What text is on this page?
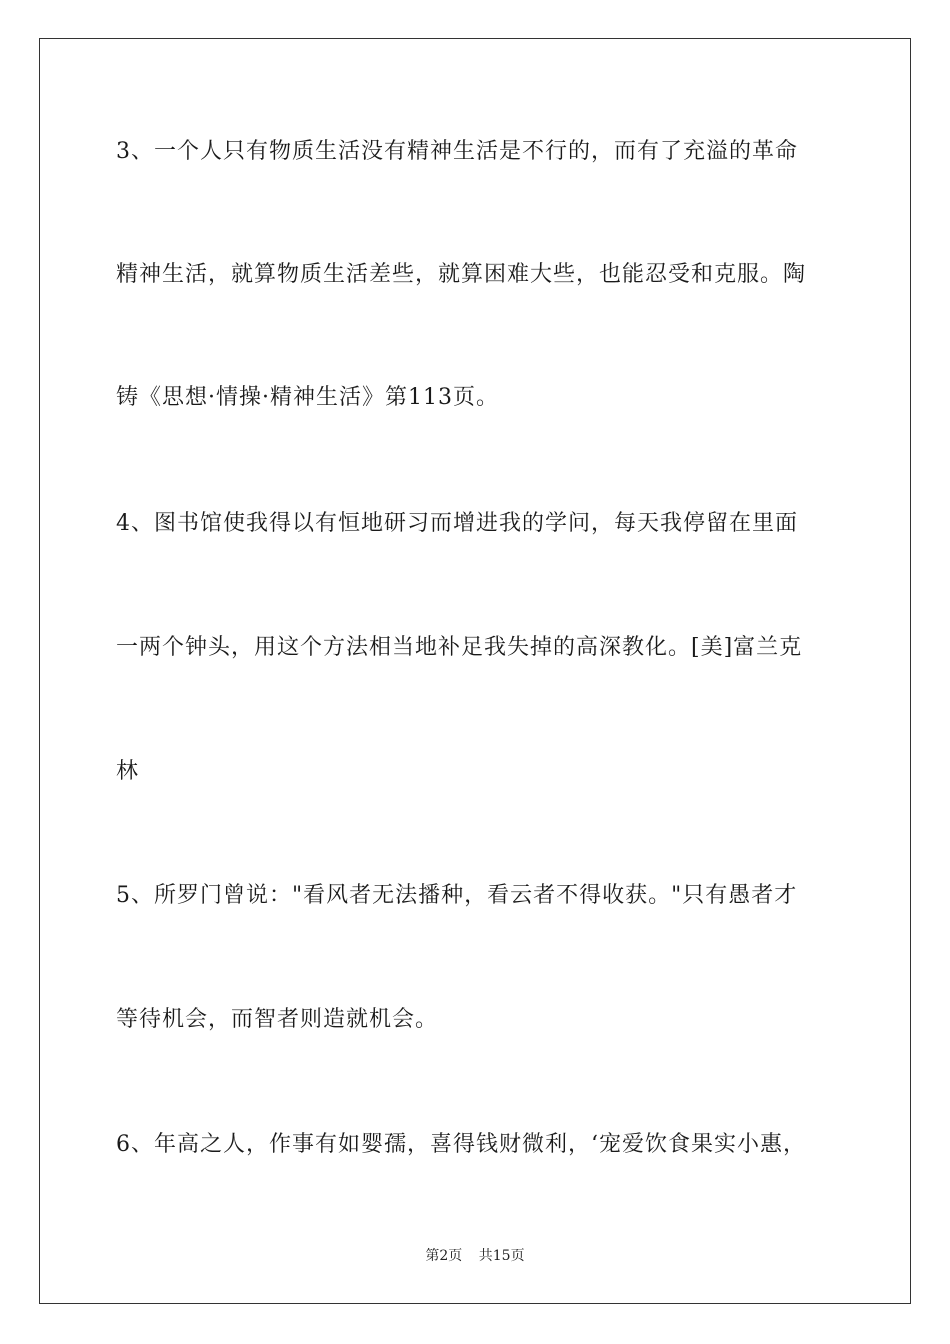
3、一个人只有物质生活没有精神生活是不行的，而有了充溢的革命
精神生活，就算物质生活差些，就算困难大些，也能忍受和克服。陶
铸《思想·情操·精神生活》第113页。
4、图书馆使我得以有恒地研习而增进我的学问，每天我停留在里面
一两个钟头，用这个方法相当地补足我失掉的高深教化。[美]富兰克
林
5、所罗门曾说："看风者无法播种，看云者不得收获。"只有愚者才
等待机会，而智者则造就机会。
6、年高之人，作事有如婴孺，喜得钱财微利，‘宠爱饮食果实小惠，
第2页 共15页
